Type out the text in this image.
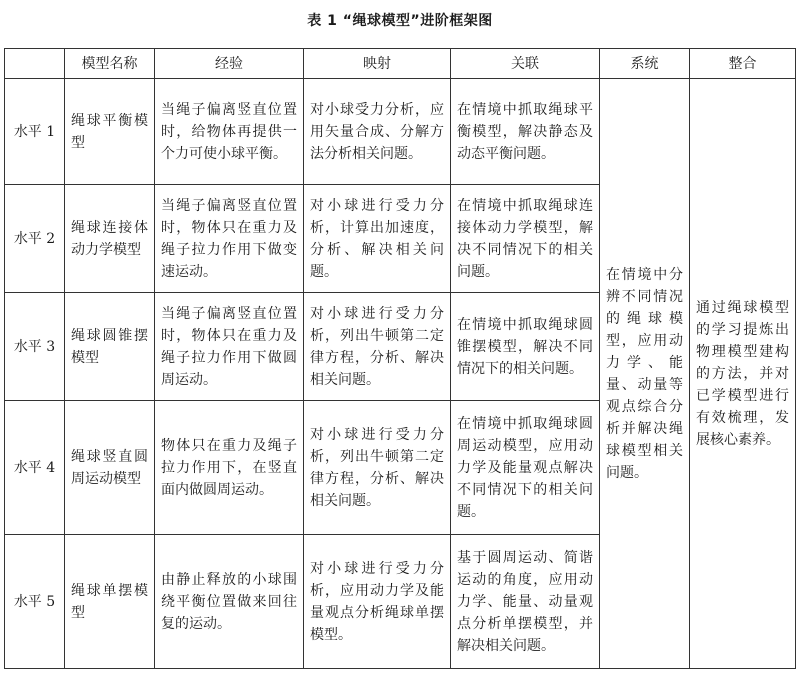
表 1 “绳球模型”进阶框架图
	模型名称	经验	映射	关联	系统	整合
水平 1	绳球平衡模型	当绳子偏离竖直位置时，给物体再提供一个力可使小球平衡。	对小球受力分析，应用矢量合成、分解方法分析相关问题。	在情境中抓取绳球平衡模型，解决静态及动态平衡问题。	在情境中分辨不同情况的绳球模型，应用动力学、能量、动量等观点综合分析并解决绳球模型相关问题。	通过绳球模型的学习提炼出物理模型建构的方法，并对已学模型进行有效梳理，发展核心素养。
水平 2	绳球连接体动力学模型	当绳子偏离竖直位置时，物体只在重力及绳子拉力作用下做变速运动。	对小球进行受力分析，计算出加速度，分析、解决相关问题。	在情境中抓取绳球连接体动力学模型，解决不同情况下的相关问题。		
水平 3	绳球圆锥摆模型	当绳子偏离竖直位置时，物体只在重力及绳子拉力作用下做圆周运动。	对小球进行受力分析，列出牛顿第二定律方程，分析、解决相关问题。	在情境中抓取绳球圆锥摆模型，解决不同情况下的相关问题。		
水平 4	绳球竖直圆周运动模型	物体只在重力及绳子拉力作用下，在竖直面内做圆周运动。	对小球进行受力分析，列出牛顿第二定律方程，分析、解决相关问题。	在情境中抓取绳球圆周运动模型，应用动力学及能量观点解决不同情况下的相关问题。		
水平 5	绳球单摆模型	由静止释放的小球围绕平衡位置做来回往复的运动。	对小球进行受力分析，应用动力学及能量观点分析绳球单摆模型。	基于圆周运动、简谐运动的角度，应用动力学、能量、动量观点分析单摆模型，并解决相关问题。		
